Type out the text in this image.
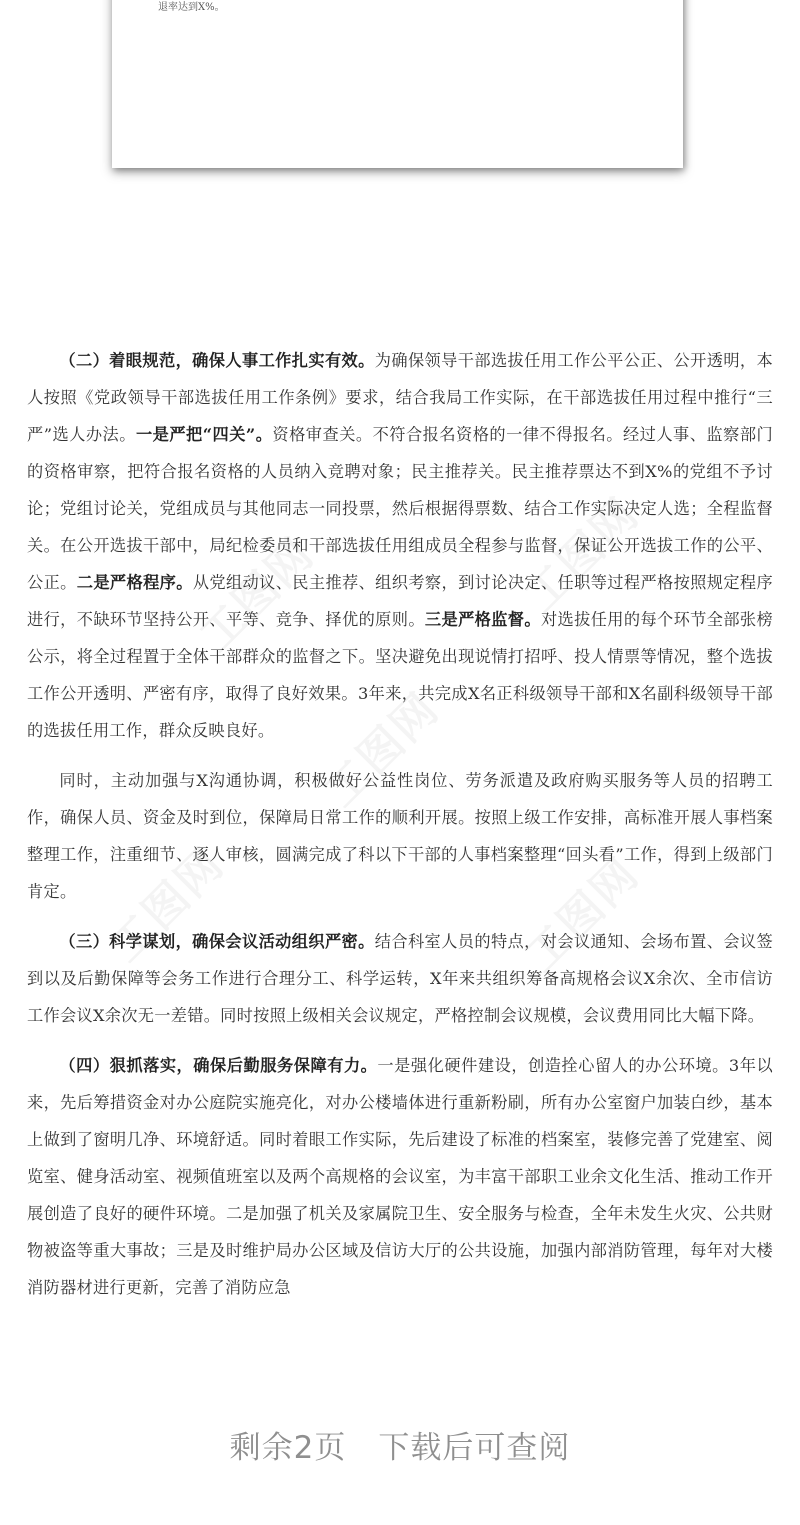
退率达到X%。

（二）着眼规范，确保人事工作扎实有效。为确保领导干部选拔任用工作公平公正、公开透明，本人按照《党政领导干部选拔任用工作条例》要求，结合我局工作实际，在干部选拔任用过程中推行“三严”选人办法。一是严把“四关”。资格审查关。不符合报名资格的一律不得报名。经过人事、监察部门的资格审察，把符合报名资格的人员纳入竞聘对象；民主推荐关。民主推荐票达不到X%的党组不予讨论；党组讨论关，党组成员与其他同志一同投票，然后根据得票数、结合工作实际决定人选；全程监督关。在公开选拔干部中，局纪检委员和干部选拔任用组成员全程参与监督，保证公开选拔工作的公平、公正。二是严格程序。从党组动议、民主推荐、组织考察，到讨论决定、任职等过程严格按照规定程序进行，不缺环节坚持公开、平等、竞争、择优的原则。三是严格监督。对选拔任用的每个环节全部张榜公示，将全过程置于全体干部群众的监督之下。坚决避免出现说情打招呼、投人情票等情况，整个选拔工作公开透明、严密有序，取得了良好效果。3年来，共完成X名正科级领导干部和X名副科级领导干部的选拔任用工作，群众反映良好。

同时，主动加强与X沟通协调，积极做好公益性岗位、劳务派遣及政府购买服务等人员的招聘工作，确保人员、资金及时到位，保障局日常工作的顺利开展。按照上级工作安排，高标准开展人事档案整理工作，注重细节、逐人审核，圆满完成了科以下干部的人事档案整理“回头看”工作，得到上级部门肯定。

（三）科学谋划，确保会议活动组织严密。结合科室人员的特点，对会议通知、会场布置、会议签到以及后勤保障等会务工作进行合理分工、科学运转，X年来共组织筹备高规格会议X余次、全市信访工作会议X余次无一差错。同时按照上级相关会议规定，严格控制会议规模，会议费用同比大幅下降。

（四）狠抓落实，确保后勤服务保障有力。一是强化硬件建设，创造拴心留人的办公环境。3年以来，先后筹措资金对办公庭院实施亮化，对办公楼墙体进行重新粉刷，所有办公室窗户加装白纱，基本上做到了窗明几净、环境舒适。同时着眼工作实际，先后建设了标准的档案室，装修完善了党建室、阅览室、健身活动室、视频值班室以及两个高规格的会议室，为丰富干部职工业余文化生活、推动工作开展创造了良好的硬件环境。二是加强了机关及家属院卫生、安全服务与检查，全年未发生火灾、公共财物被盗等重大事故；三是及时维护局办公区域及信访大厅的公共设施，加强内部消防管理，每年对大楼消防器材进行更新，完善了消防应急

剩余2页　下载后可查阅
